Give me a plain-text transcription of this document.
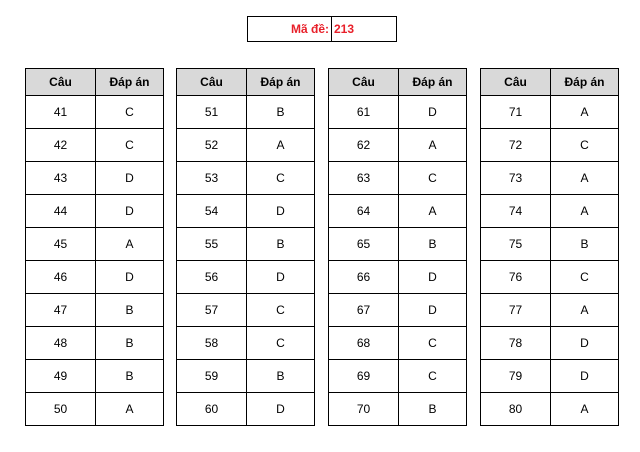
Mã đề: 213
Câu	Đáp án
41	C
42	C
43	D
44	D
45	A
46	D
47	B
48	B
49	B
50	A
Câu	Đáp án
51	B
52	A
53	C
54	D
55	B
56	D
57	C
58	C
59	B
60	D
Câu	Đáp án
61	D
62	A
63	C
64	A
65	B
66	D
67	D
68	C
69	C
70	B
Câu	Đáp án
71	A
72	C
73	A
74	A
75	B
76	C
77	A
78	D
79	D
80	A
